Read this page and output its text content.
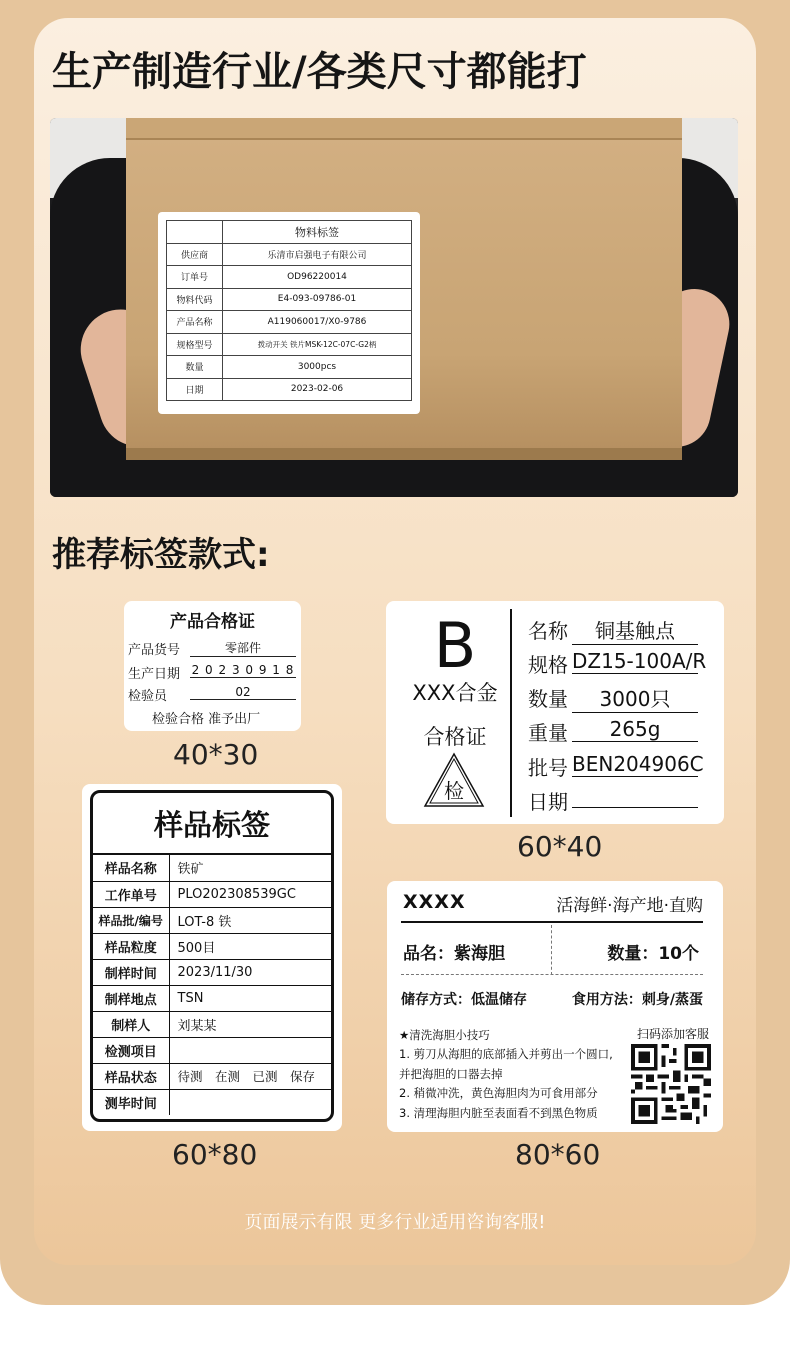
生产制造行业/各类尺寸都能打
	物料标签
供应商	乐清市启强电子有限公司
订单号	OD96220014
物料代码	E4-093-09786-01
产品名称	A119060017/X0-9786
规格型号	拨动开关 铁片MSK-12C-07C-G2柄
数量	3000pcs
日期	2023-02-06
推荐标签款式:
产品合格证
产品货号	零部件
生产日期 2 0 2 3 0 9 1 8
检验员	02
检验合格 准予出厂
40*30
B
XXX合金
合格证
检
名称	铜基触点
规格 DZ15-100A/R
数量	3000只
重量	265g
批号 BEN204906C
日期
60*40
样品标签
样品名称	铁矿
工作单号	PLO202308539GC
样品批/编号	LOT-8 铁
样品粒度	500目
制样时间	2023/11/30
制样地点	TSN
制样人	刘某某
检测项目	
样品状态	待测　在测　已测　保存
测毕时间	
60*80
XXXX	活海鲜·海产地·直购
品名：紫海胆	数量：10个
储存方式：低温储存	食用方法：刺身/蒸蛋
★清洗海胆小技巧
1. 剪刀从海胆的底部插入并剪出一个圆口,
并把海胆的口器去掉
2. 稍微冲洗，黄色海胆肉为可食用部分
3. 清理海胆内脏至表面看不到黑色物质
扫码添加客服
80*60
页面展示有限 更多行业适用咨询客服!
